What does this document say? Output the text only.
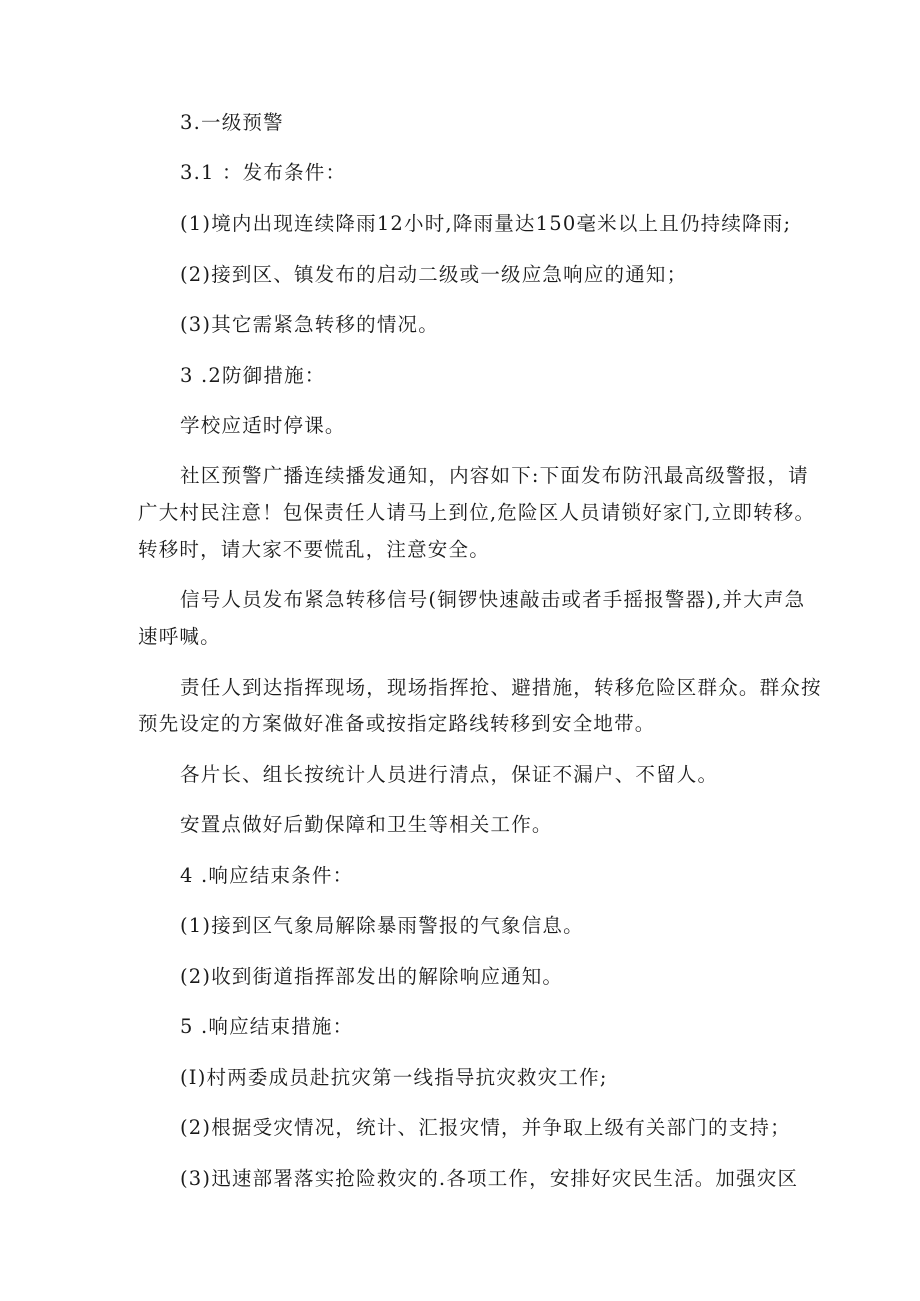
3.一级预警
3.1 ：发布条件：
(1)境内出现连续降雨12小时,降雨量达150毫米以上且仍持续降雨;
(2)接到区、镇发布的启动二级或一级应急响应的通知；
(3)其它需紧急转移的情况。
3 .2防御措施：
学校应适时停课。
社区预警广播连续播发通知，内容如下:下面发布防汛最高级警报，请
广大村民注意！包保责任人请马上到位,危险区人员请锁好家门,立即转移。
转移时，请大家不要慌乱，注意安全。
信号人员发布紧急转移信号(铜锣快速敲击或者手摇报警器),并大声急
速呼喊。
责任人到达指挥现场，现场指挥抢、避措施，转移危险区群众。群众按
预先设定的方案做好准备或按指定路线转移到安全地带。
各片长、组长按统计人员进行清点，保证不漏户、不留人。
安置点做好后勤保障和卫生等相关工作。
4 .响应结束条件：
(1)接到区气象局解除暴雨警报的气象信息。
(2)收到街道指挥部发出的解除响应通知。
5 .响应结束措施：
(I)村两委成员赴抗灾第一线指导抗灾救灾工作;
(2)根据受灾情况，统计、汇报灾情，并争取上级有关部门的支持；
(3)迅速部署落实抢险救灾的.各项工作，安排好灾民生活。加强灾区
